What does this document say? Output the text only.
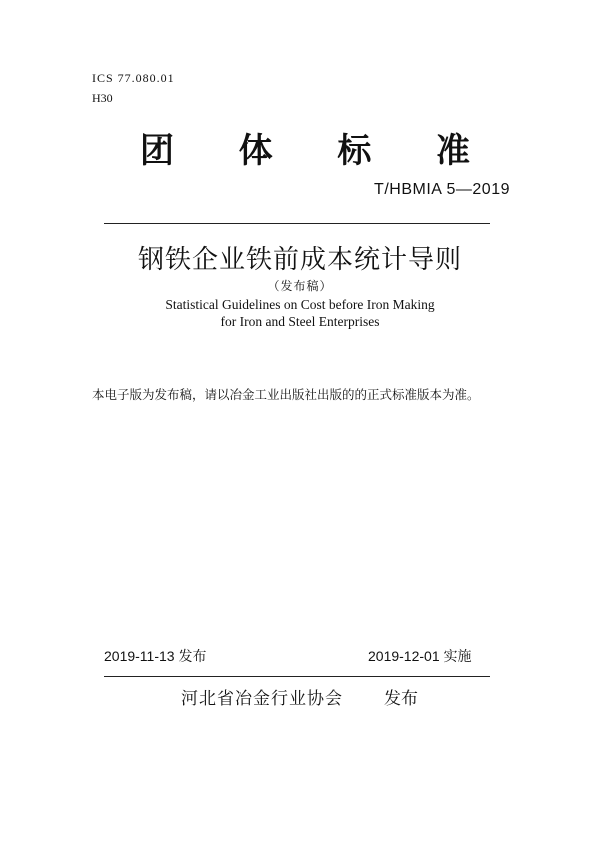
ICS 77.080.01
H30
团 体 标 准
T/HBMIA 5—2019
钢铁企业铁前成本统计导则
（发布稿）
Statistical Guidelines on Cost before Iron Making
for Iron and Steel Enterprises
本电子版为发布稿，请以冶金工业出版社出版的的正式标准版本为准。
2019-11-13 发布	2019-12-01 实施
河北省冶金行业协会 发布
